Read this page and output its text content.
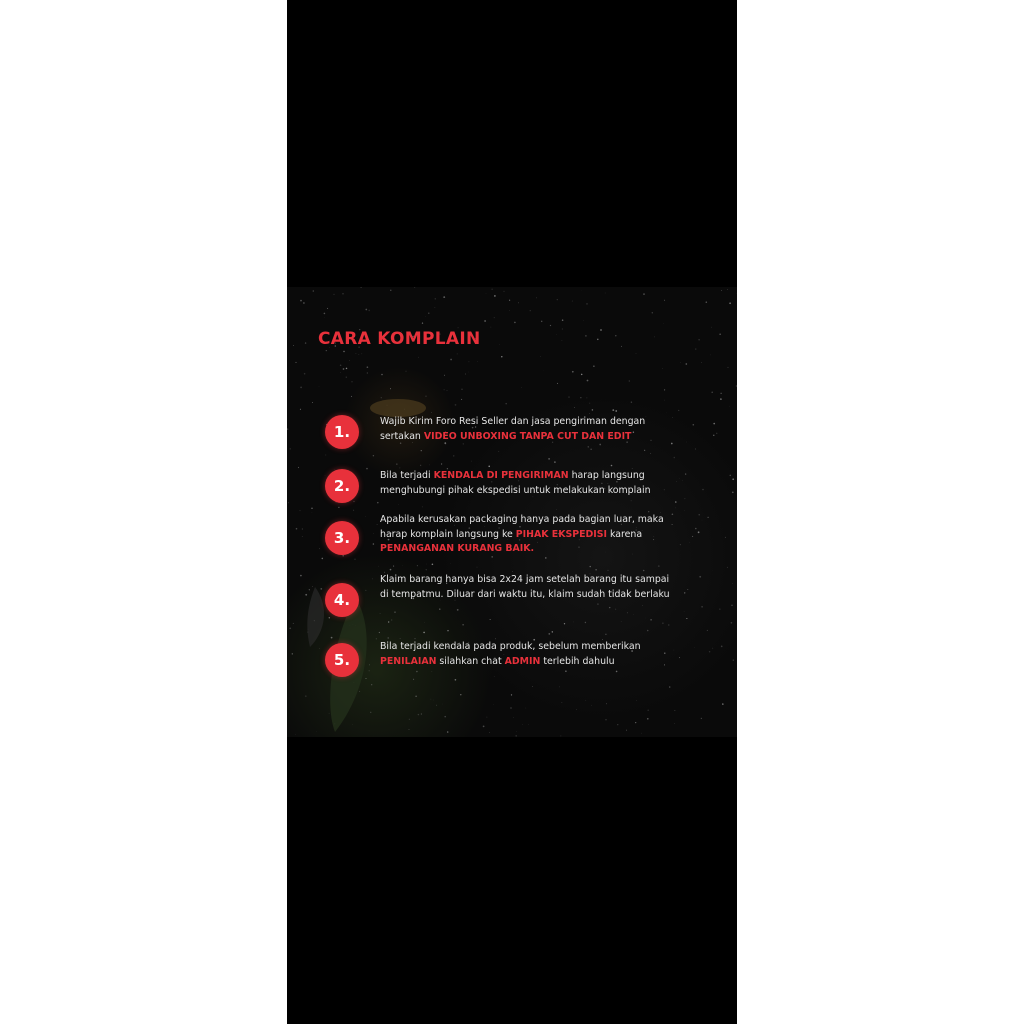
CARA KOMPLAIN
1.
Wajib Kirim Foro Resi Seller dan jasa pengiriman dengan sertakan VIDEO UNBOXING TANPA CUT DAN EDIT
2.
Bila terjadi KENDALA DI PENGIRIMAN harap langsung menghubungi pihak ekspedisi untuk melakukan komplain
3.
Apabila kerusakan packaging hanya pada bagian luar, maka harap komplain langsung ke PIHAK EKSPEDISI karena PENANGANAN KURANG BAIK.
4.
Klaim barang hanya bisa 2x24 jam setelah barang itu sampai di tempatmu. Diluar dari waktu itu, klaim sudah tidak berlaku
5.
Bila terjadi kendala pada produk, sebelum memberikan PENILAIAN silahkan chat ADMIN terlebih dahulu
